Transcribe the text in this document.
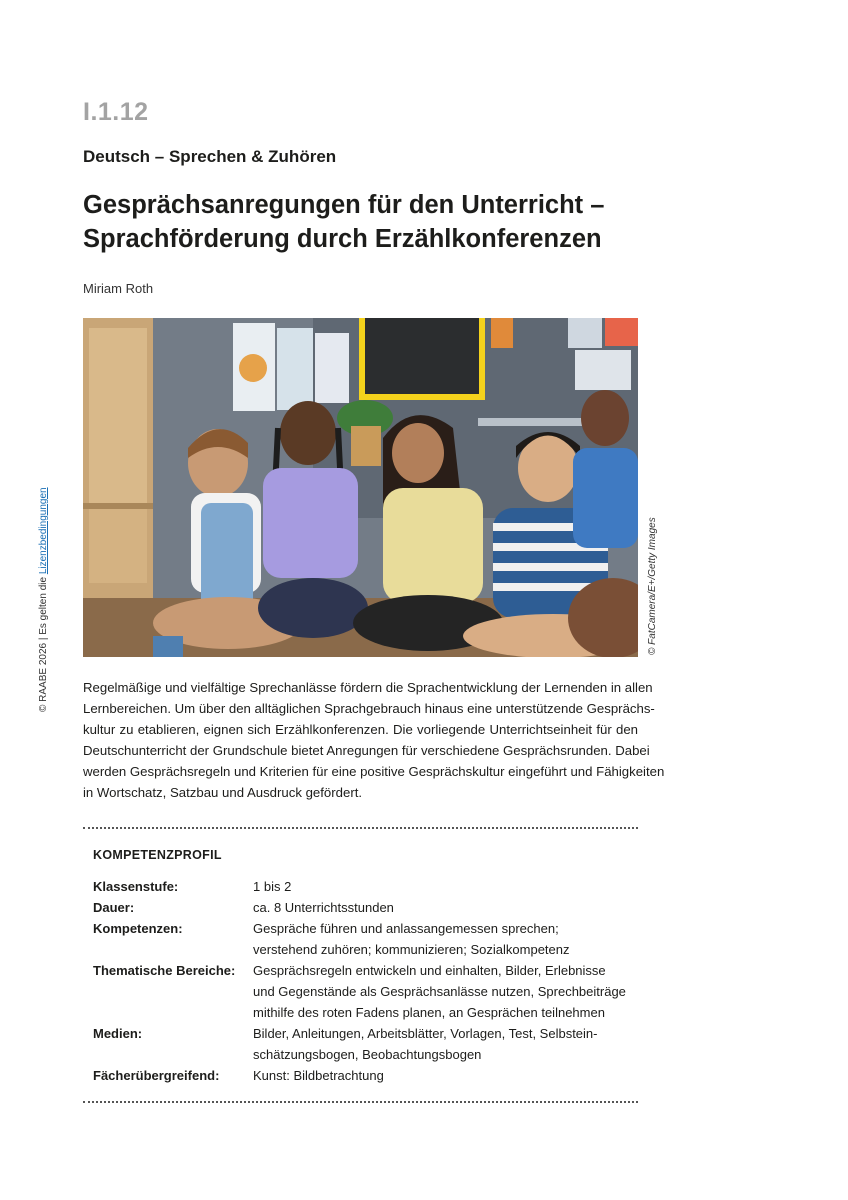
I.1.12
Deutsch – Sprechen & Zuhören
Gesprächsanregungen für den Unterricht –
Sprachförderung durch Erzählkonferenzen
Miriam Roth
© FatCamera/E+/Getty Images
© RAABE 2026 | Es gelten die Lizenzbedingungen
Regelmäßige und vielfältige Sprechanlässe fördern die Sprachentwicklung der Lernenden in allen
Lernbereichen. Um über den alltäglichen Sprachgebrauch hinaus eine unterstützende Gesprächs-
kultur zu etablieren, eignen sich Erzählkonferenzen. Die vorliegende Unterrichtseinheit für den
Deutschunterricht der Grundschule bietet Anregungen für verschiedene Gesprächsrunden. Dabei
werden Gesprächsregeln und Kriterien für eine positive Gesprächskultur eingeführt und Fähigkeiten
in Wortschatz, Satzbau und Ausdruck gefördert.
KOMPETENZPROFIL
Klassenstufe:	1 bis 2
Dauer:	ca. 8 Unterrichtsstunden
Kompetenzen:	Gespräche führen und anlassangemessen sprechen;
verstehend zuhören; kommunizieren; Sozialkompetenz
Thematische Bereiche:	Gesprächsregeln entwickeln und einhalten, Bilder, Erlebnisse
und Gegenstände als Gesprächsanlässe nutzen, Sprechbeiträge
mithilfe des roten Fadens planen, an Gesprächen teilnehmen
Medien:	Bilder, Anleitungen, Arbeitsblätter, Vorlagen, Test, Selbstein-
schätzungsbogen, Beobachtungsbogen
Fächerübergreifend:	Kunst: Bildbetrachtung
